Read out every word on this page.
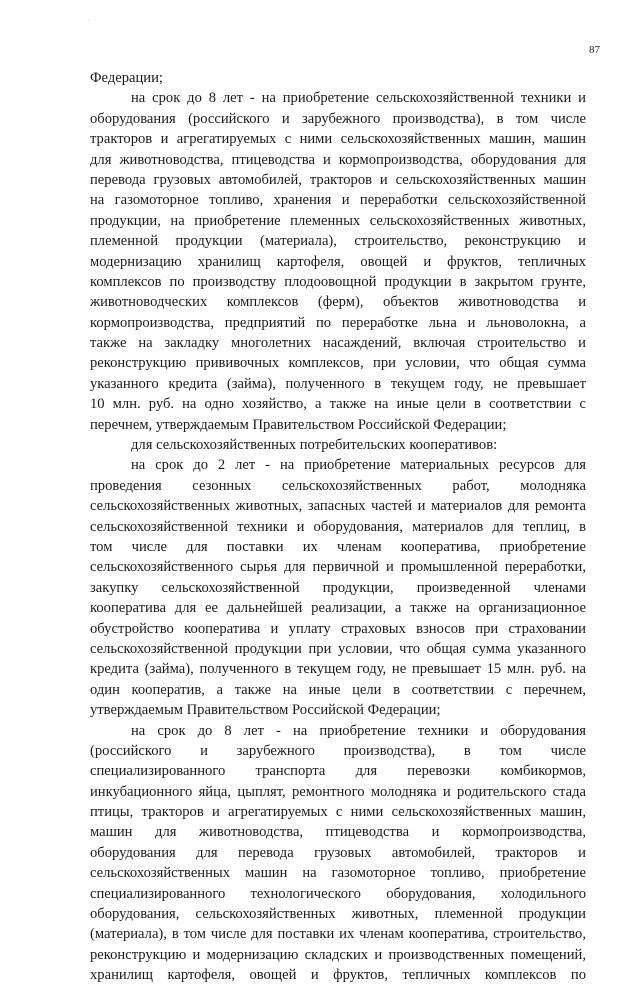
87
Федерации;
на срок до 8 лет - на приобретение сельскохозяйственной техники и
оборудования (российского и зарубежного производства), в том числе
тракторов и агрегатируемых с ними сельскохозяйственных машин, машин
для животноводства, птицеводства и кормопроизводства, оборудования для
перевода грузовых автомобилей, тракторов и сельскохозяйственных машин
на газомоторное топливо, хранения и переработки сельскохозяйственной
продукции, на приобретение племенных сельскохозяйственных животных,
племенной продукции (материала), строительство, реконструкцию и
модернизацию хранилищ картофеля, овощей и фруктов, тепличных
комплексов по производству плодоовощной продукции в закрытом грунте,
животноводческих комплексов (ферм), объектов животноводства и
кормопроизводства, предприятий по переработке льна и льноволокна, а
также на закладку многолетних насаждений, включая строительство и
реконструкцию прививочных комплексов, при условии, что общая сумма
указанного кредита (займа), полученного в текущем году, не превышает
10 млн. руб. на одно хозяйство, а также на иные цели в соответствии с
перечнем, утверждаемым Правительством Российской Федерации;
для сельскохозяйственных потребительских кооперативов:
на срок до 2 лет - на приобретение материальных ресурсов для
проведения сезонных сельскохозяйственных работ, молодняка
сельскохозяйственных животных, запасных частей и материалов для ремонта
сельскохозяйственной техники и оборудования, материалов для теплиц, в
том числе для поставки их членам кооператива, приобретение
сельскохозяйственного сырья для первичной и промышленной переработки,
закупку сельскохозяйственной продукции, произведенной членами
кооператива для ее дальнейшей реализации, а также на организационное
обустройство кооператива и уплату страховых взносов при страховании
сельскохозяйственной продукции при условии, что общая сумма указанного
кредита (займа), полученного в текущем году, не превышает 15 млн. руб. на
один кооператив, а также на иные цели в соответствии с перечнем,
утверждаемым Правительством Российской Федерации;
на срок до 8 лет - на приобретение техники и оборудования
(российского и зарубежного производства), в том числе
специализированного транспорта для перевозки комбикормов,
инкубационного яйца, цыплят, ремонтного молодняка и родительского стада
птицы, тракторов и агрегатируемых с ними сельскохозяйственных машин,
машин для животноводства, птицеводства и кормопроизводства,
оборудования для перевода грузовых автомобилей, тракторов и
сельскохозяйственных машин на газомоторное топливо, приобретение
специализированного технологического оборудования, холодильного
оборудования, сельскохозяйственных животных, племенной продукции
(материала), в том числе для поставки их членам кооператива, строительство,
реконструкцию и модернизацию складских и производственных помещений,
хранилищ картофеля, овощей и фруктов, тепличных комплексов по
